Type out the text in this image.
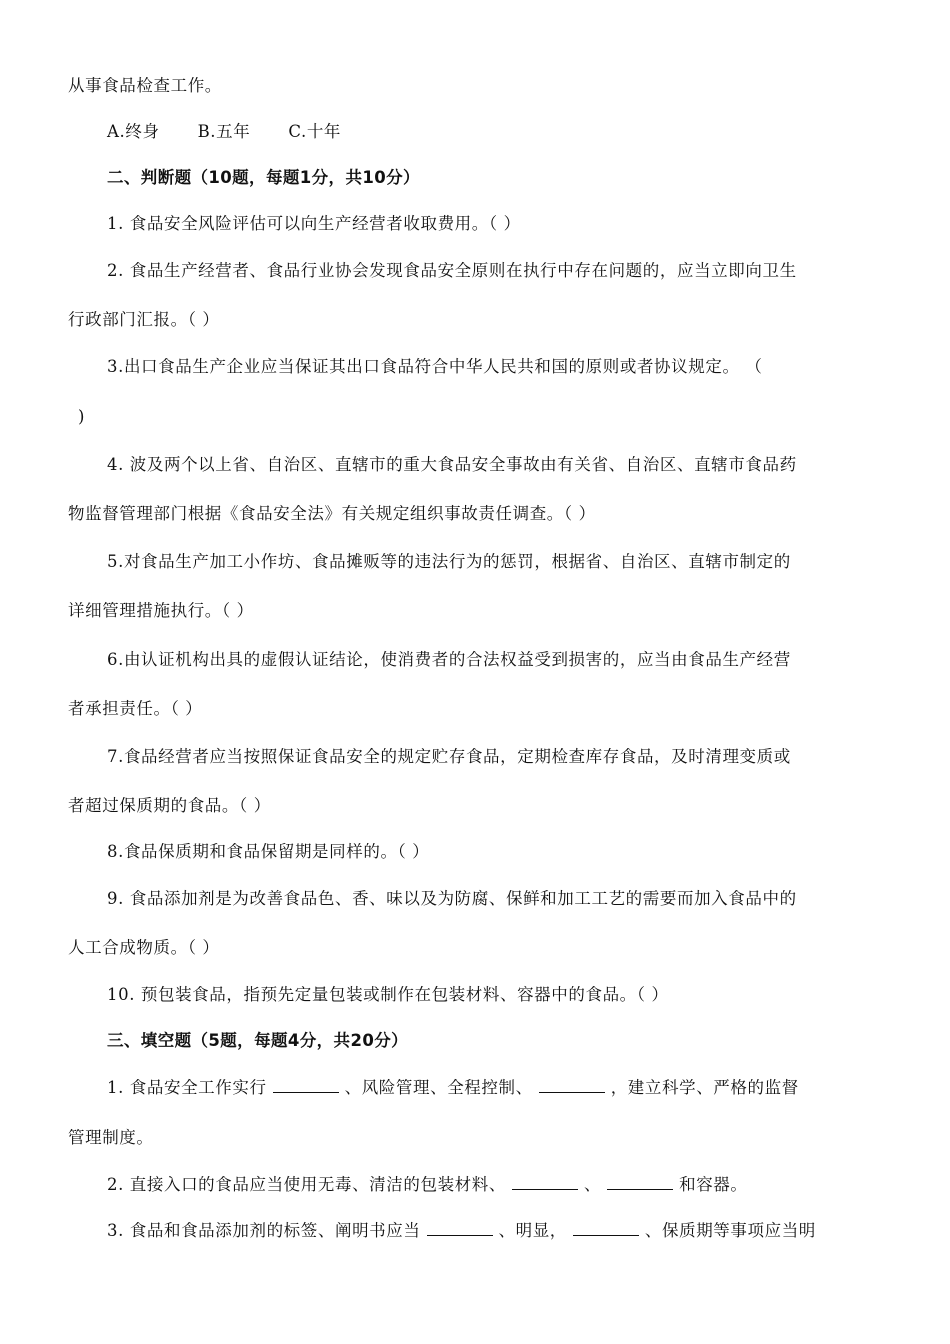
从事食品检查工作。
A.终身 B.五年 C.十年
二、判断题（10题，每题1分，共10分）
1. 食品安全风险评估可以向生产经营者收取费用。（ ）
2. 食品生产经营者、食品行业协会发现食品安全原则在执行中存在问题的，应当立即向卫生
行政部门汇报。（ ）
3.出口食品生产企业应当保证其出口食品符合中华人民共和国的原则或者协议规定。 （
)
4. 波及两个以上省、自治区、直辖市的重大食品安全事故由有关省、自治区、直辖市食品药
物监督管理部门根据《食品安全法》有关规定组织事故责任调查。（ ）
5.对食品生产加工小作坊、食品摊贩等的违法行为的惩罚，根据省、自治区、直辖市制定的
详细管理措施执行。（ ）
6.由认证机构出具的虚假认证结论，使消费者的合法权益受到损害的，应当由食品生产经营
者承担责任。（ ）
7.食品经营者应当按照保证食品安全的规定贮存食品，定期检查库存食品，及时清理变质或
者超过保质期的食品。（ ）
8.食品保质期和食品保留期是同样的。（ ）
9. 食品添加剂是为改善食品色、香、味以及为防腐、保鲜和加工工艺的需要而加入食品中的
人工合成物质。（ ）
10. 预包装食品，指预先定量包装或制作在包装材料、容器中的食品。（ ）
三、填空题（5题，每题4分，共20分）
1. 食品安全工作实行	、风险管理、全程控制、	，建立科学、严格的监督
管理制度。
2. 直接入口的食品应当使用无毒、清洁的包装材料、	、	和容器。
3. 食品和食品添加剂的标签、阐明书应当	、明显，	、保质期等事项应当明
